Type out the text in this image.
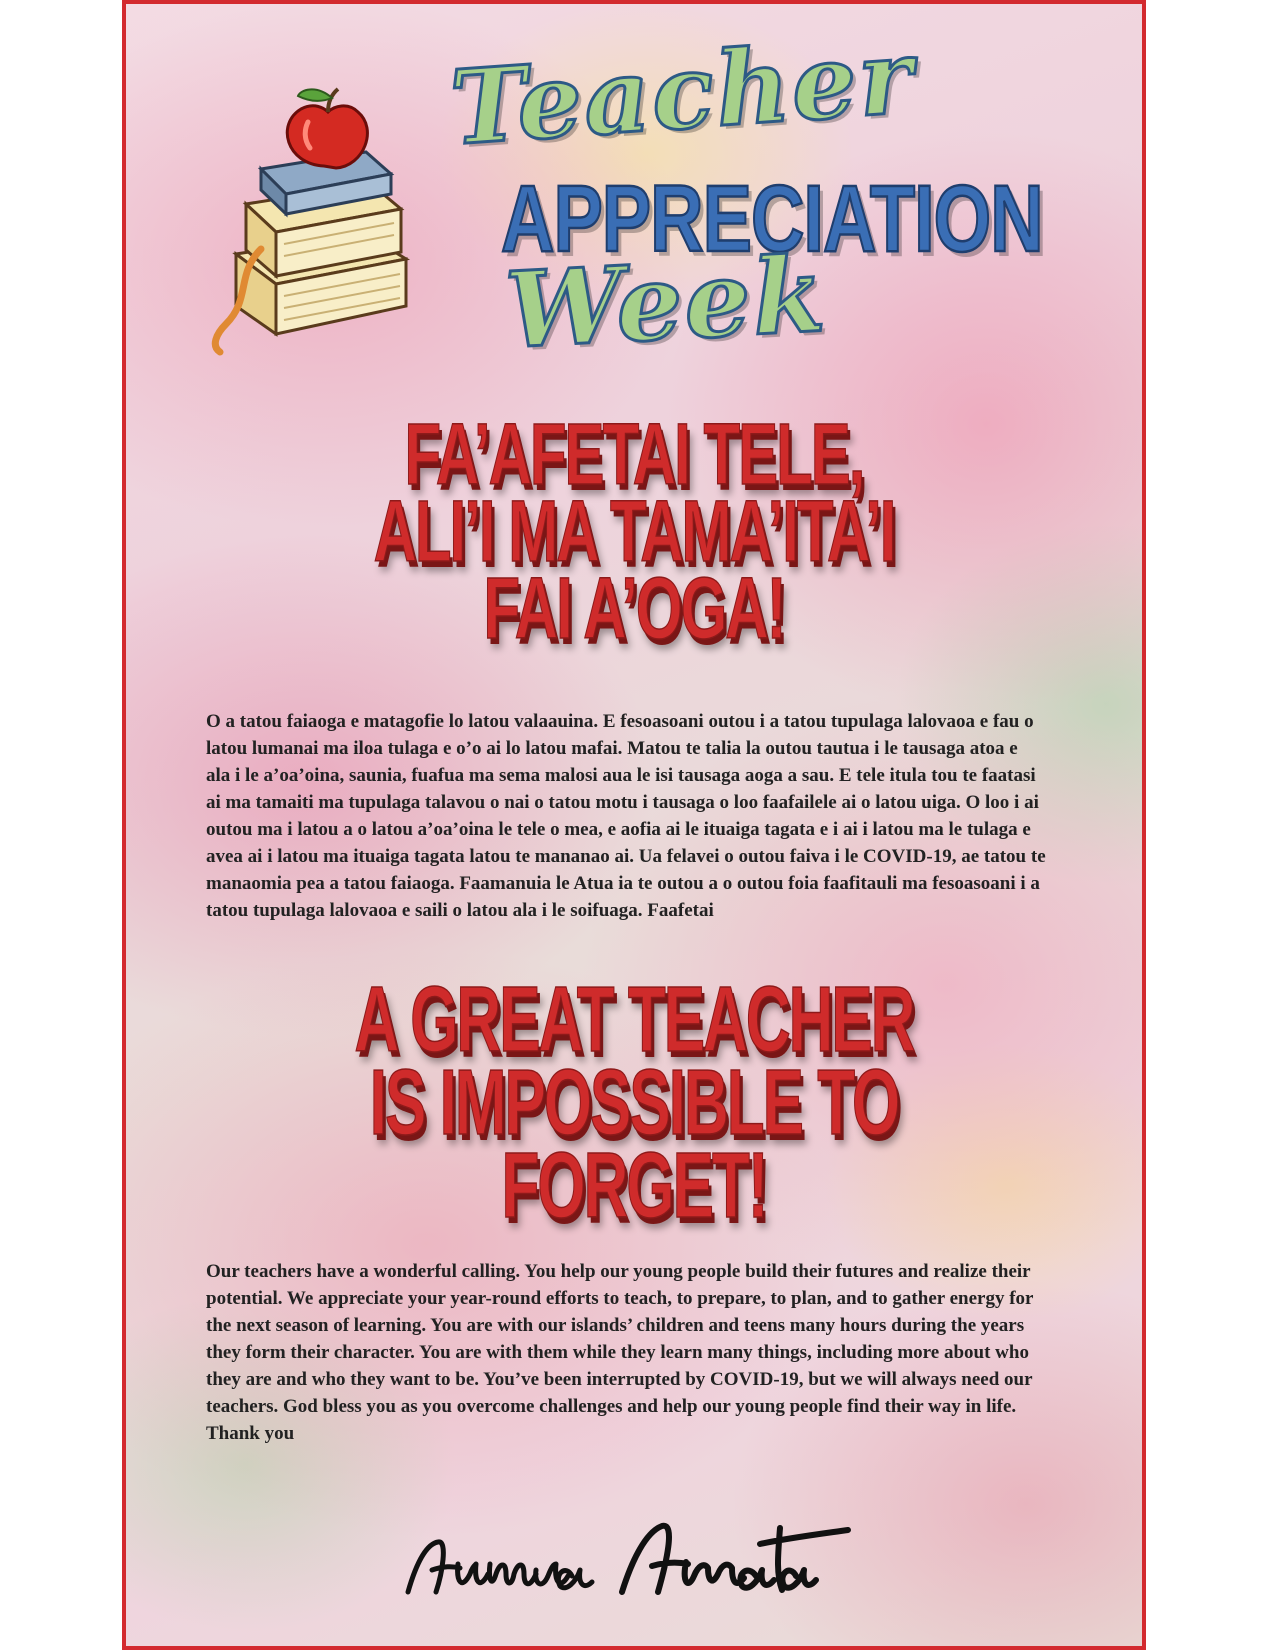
Teacher
APPRECIATION
Week
FA’AFETAI TELE,
ALI’I MA TAMA’ITA’I
FAI A’OGA!

O a tatou faiaoga e matagofie lo latou valaauina. E fesoasoani outou i a tatou tupulaga lalovaoa e fau o latou lumanai ma iloa tulaga e o’o ai lo latou mafai. Matou te talia la outou tautua i le tausaga atoa e ala i le a’oa’oina, saunia, fuafua ma sema malosi aua le isi tausaga aoga a sau. E tele itula tou te faatasi ai ma tamaiti ma tupulaga talavou o nai o tatou motu i tausaga o loo faafailele ai o latou uiga. O loo i ai outou ma i latou a o latou a’oa’oina le tele o mea, e aofia ai le ituaiga tagata e i ai i latou ma le tulaga e avea ai i latou ma ituaiga tagata latou te mananao ai. Ua felavei o outou faiva i le COVID-19, ae tatou te manaomia pea a tatou faiaoga. Faamanuia le Atua ia te outou a o outou foia faafitauli ma fesoasoani i a tatou tupulaga lalovaoa e saili o latou ala i le soifuaga. Faafetai

A GREAT TEACHER
IS IMPOSSIBLE TO
FORGET!

Our teachers have a wonderful calling. You help our young people build their futures and realize their potential. We appreciate your year-round efforts to teach, to prepare, to plan, and to gather energy for the next season of learning. You are with our islands’ children and teens many hours during the years they form their character. You are with them while they learn many things, including more about who they are and who they want to be. You’ve been interrupted by COVID-19, but we will always need our teachers. God bless you as you overcome challenges and help our young people find their way in life. Thank you
